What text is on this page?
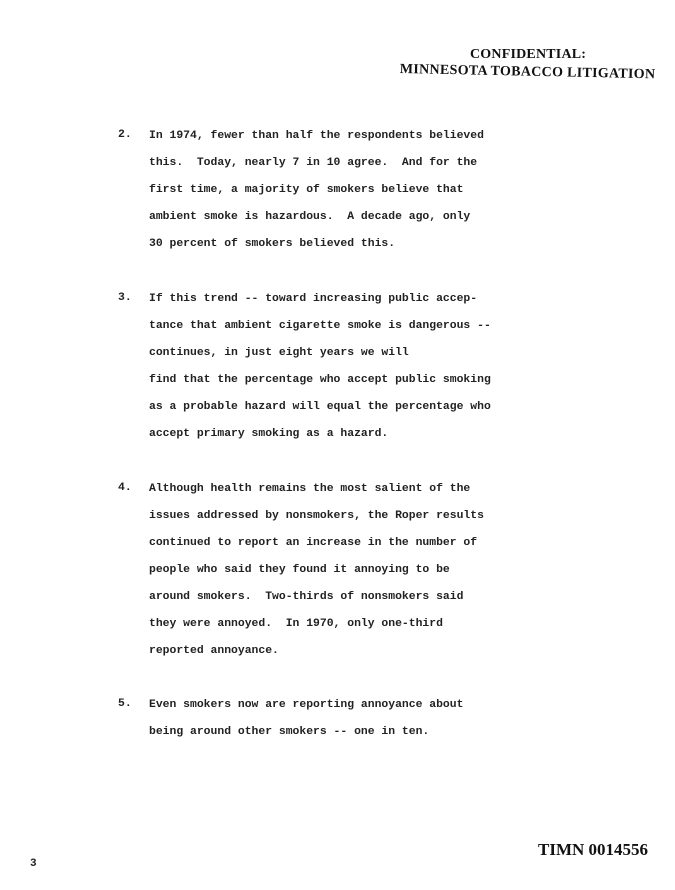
CONFIDENTIAL:
MINNESOTA TOBACCO LITIGATION
2.	In 1974, fewer than half the respondents believed
this.  Today, nearly 7 in 10 agree.  And for the
first time, a majority of smokers believe that
ambient smoke is hazardous.  A decade ago, only
30 percent of smokers believed this.
3.	If this trend -- toward increasing public accep-
tance that ambient cigarette smoke is dangerous --
continues, in just eight years we will
find that the percentage who accept public smoking
as a probable hazard will equal the percentage who
accept primary smoking as a hazard.
4.	Although health remains the most salient of the
issues addressed by nonsmokers, the Roper results
continued to report an increase in the number of
people who said they found it annoying to be
around smokers.  Two-thirds of nonsmokers said
they were annoyed.  In 1970, only one-third
reported annoyance.
5.	Even smokers now are reporting annoyance about
being around other smokers -- one in ten.
TIMN 0014556
3
